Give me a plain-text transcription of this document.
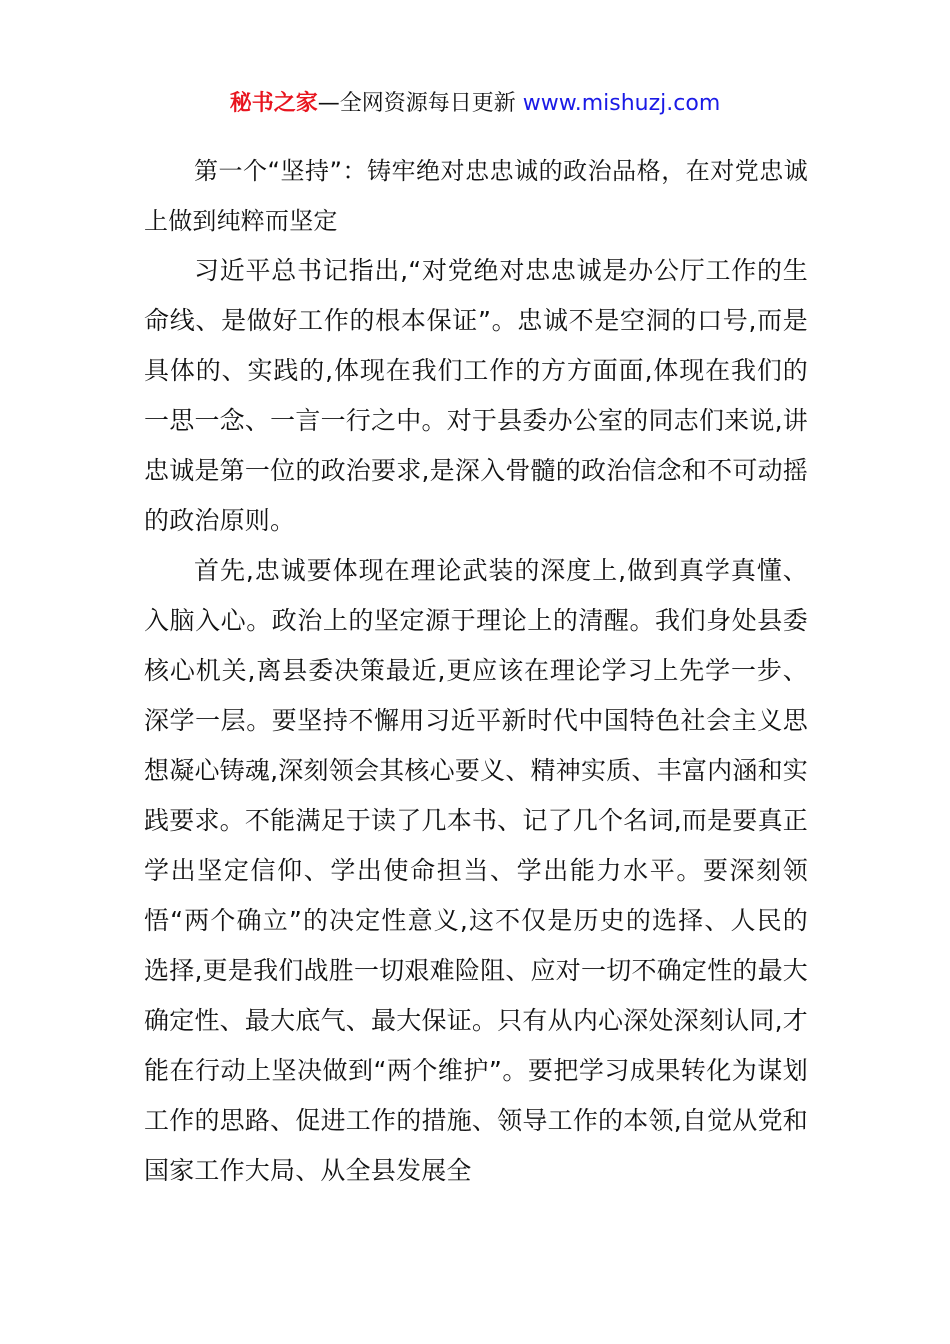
秘书之家—全网资源每日更新 www.mishuzj.com

第一个“坚持”：铸牢绝对忠忠诚的政治品格，在对党忠诚上做到纯粹而坚定

习近平总书记指出,“对党绝对忠忠诚是办公厅工作的生命线、是做好工作的根本保证”。忠诚不是空洞的口号,而是具体的、实践的,体现在我们工作的方方面面,体现在我们的一思一念、一言一行之中。对于县委办公室的同志们来说,讲忠诚是第一位的政治要求,是深入骨髓的政治信念和不可动摇的政治原则。

首先,忠诚要体现在理论武装的深度上,做到真学真懂、入脑入心。政治上的坚定源于理论上的清醒。我们身处县委核心机关,离县委决策最近,更应该在理论学习上先学一步、深学一层。要坚持不懈用习近平新时代中国特色社会主义思想凝心铸魂,深刻领会其核心要义、精神实质、丰富内涵和实践要求。不能满足于读了几本书、记了几个名词,而是要真正学出坚定信仰、学出使命担当、学出能力水平。要深刻领悟“两个确立”的决定性意义,这不仅是历史的选择、人民的选择,更是我们战胜一切艰难险阻、应对一切不确定性的最大确定性、最大底气、最大保证。只有从内心深处深刻认同,才能在行动上坚决做到“两个维护”。要把学习成果转化为谋划工作的思路、促进工作的措施、领导工作的本领,自觉从党和国家工作大局、从全县发展全
